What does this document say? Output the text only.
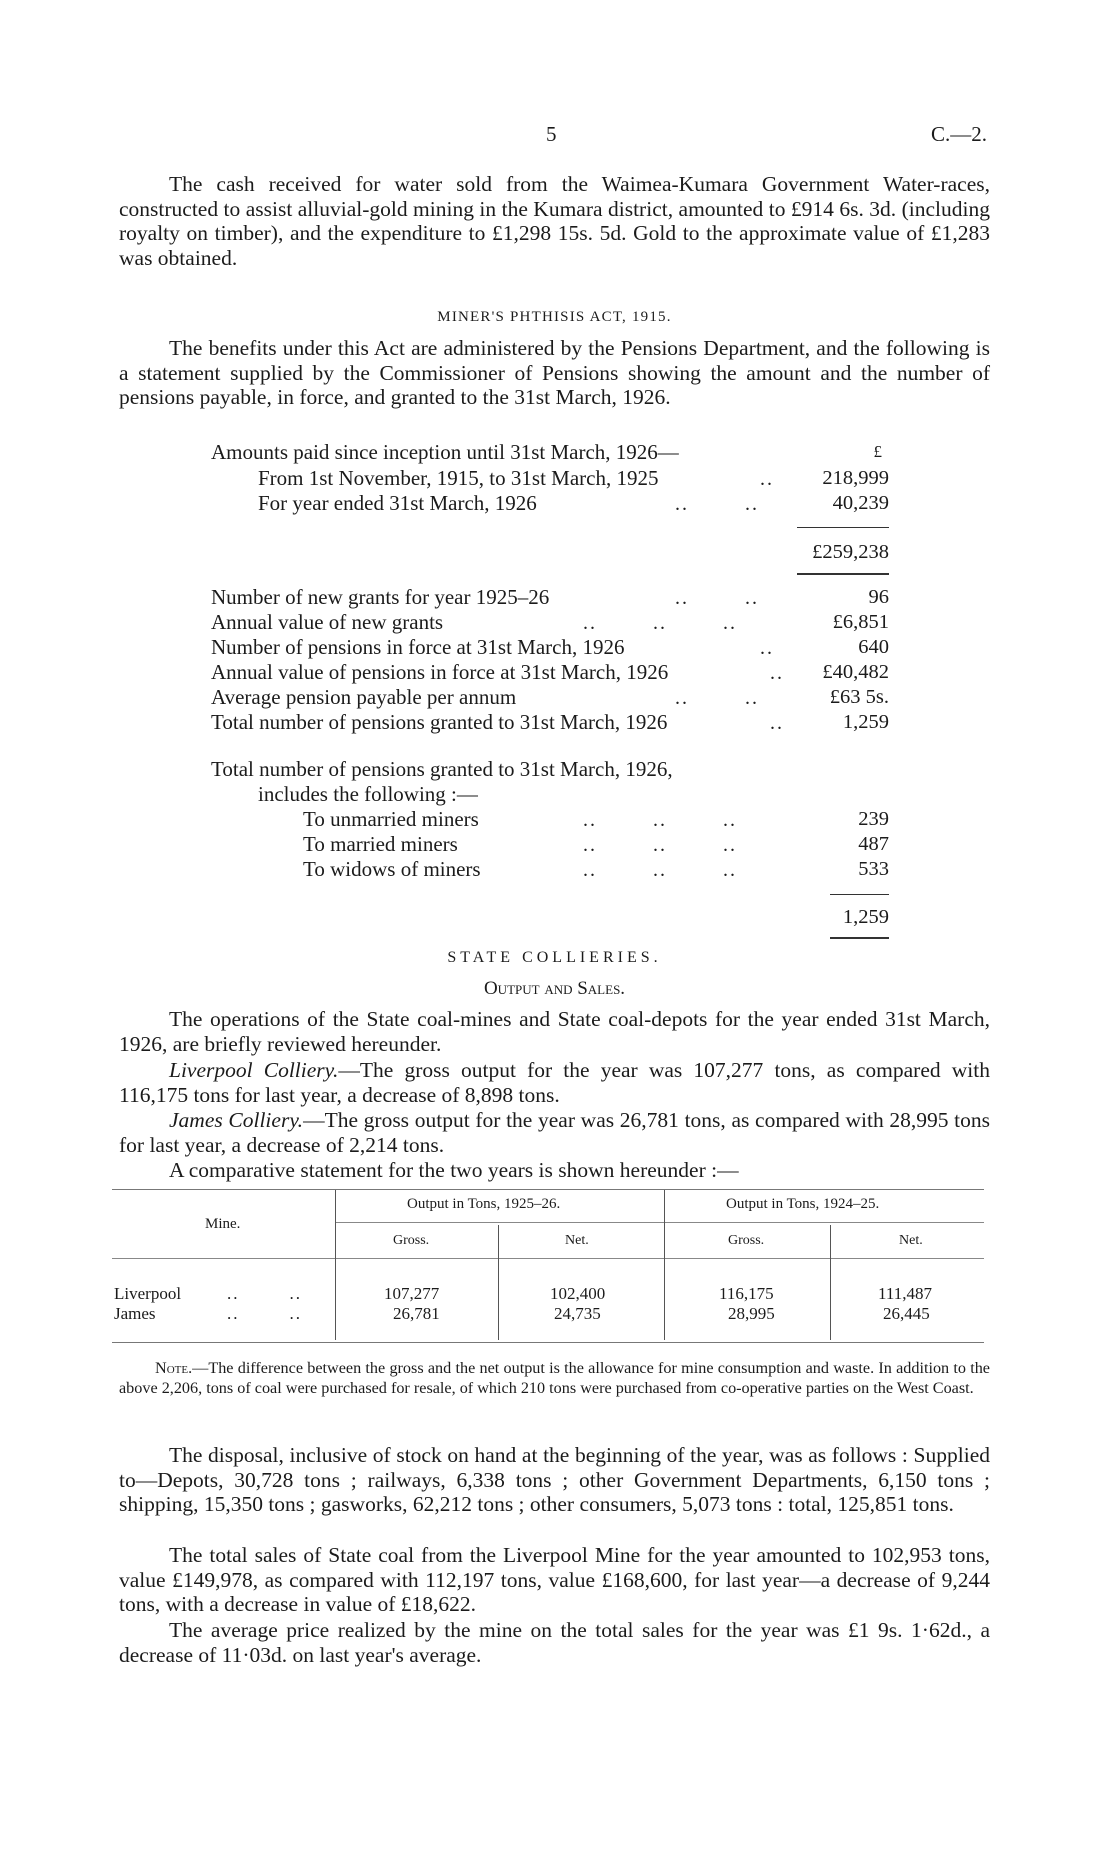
5	C.—2.

The cash received for water sold from the Waimea-Kumara Government Water-races, constructed to assist alluvial-gold mining in the Kumara district, amounted to £914 6s. 3d. (including royalty on timber), and the expenditure to £1,298 15s. 5d. Gold to the approximate value of £1,283 was obtained.

MINER'S PHTHISIS ACT, 1915.

The benefits under this Act are administered by the Pensions Department, and the following is a statement supplied by the Commissioner of Pensions showing the amount and the number of pensions payable, in force, and granted to the 31st March, 1926.

Amounts paid since inception until 31st March, 1926—	£
From 1st November, 1915, to 31st March, 1925	.. 218,999
For year ended 31st March, 1926	..        ..	40,239
£259,238
Number of new grants for year 1925–26	..        ..	96
Annual value of new grants	..        ..        ..	£6,851
Number of pensions in force at 31st March, 1926	..	640
Annual value of pensions in force at 31st March, 1926	.. £40,482
Average pension payable per annum	..        ..	£63 5s.
Total number of pensions granted to 31st March, 1926	..	1,259
Total number of pensions granted to 31st March, 1926,
includes the following :—
To unmarried miners	..        ..        ..	239
To married miners	..        ..        ..	487
To widows of miners	..        ..        ..	533
1,259
STATE COLLIERIES.
Output and Sales.

The operations of the State coal-mines and State coal-depots for the year ended 31st March, 1926, are briefly reviewed hereunder.

Liverpool Colliery.—The gross output for the year was 107,277 tons, as compared with 116,175 tons for last year, a decrease of 8,898 tons.

James Colliery.—The gross output for the year was 26,781 tons, as compared with 28,995 tons for last year, a decrease of 2,214 tons.

A comparative statement for the two years is shown hereunder :—

Mine.
Output in Tons, 1925–26.	Output in Tons, 1924–25.
Gross.	Net.	Gross.	Net.
Liverpool	..        ..	107,277	102,400	116,175	111,487
James	..        ..	26,781	24,735	28,995	26,445

Note.—The difference between the gross and the net output is the allowance for mine consumption and waste. In addition to the above 2,206, tons of coal were purchased for resale, of which 210 tons were purchased from co-operative parties on the West Coast.

The disposal, inclusive of stock on hand at the beginning of the year, was as follows : Supplied to—Depots, 30,728 tons ; railways, 6,338 tons ; other Government Departments, 6,150 tons ; shipping, 15,350 tons ; gasworks, 62,212 tons ; other consumers, 5,073 tons : total, 125,851 tons.

The total sales of State coal from the Liverpool Mine for the year amounted to 102,953 tons, value £149,978, as compared with 112,197 tons, value £168,600, for last year—a decrease of 9,244 tons, with a decrease in value of £18,622.

The average price realized by the mine on the total sales for the year was £1 9s. 1·62d., a decrease of 11·03d. on last year's average.
